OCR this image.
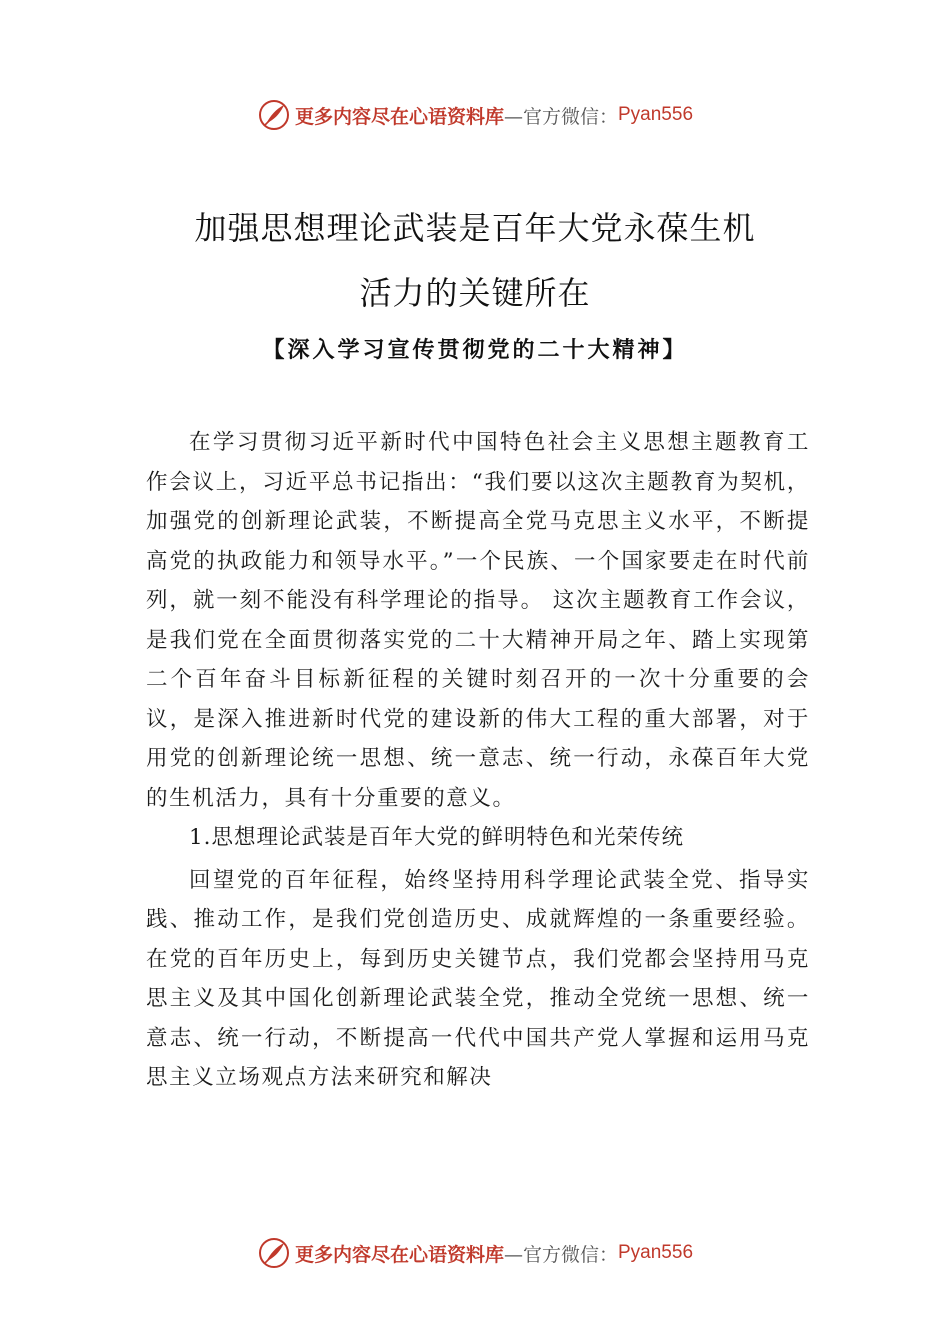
更多内容尽在心语资料库 —官方微信： Pyan556
加强思想理论武装是百年大党永葆生机
活力的关键所在
【深入学习宣传贯彻党的二十大精神】

在学习贯彻习近平新时代中国特色社会主义思想主题教育工作会议上，习近平总书记指出：“我们要以这次主题教育为契机，加强党的创新理论武装，不断提高全党马克思主义水平，不断提高党的执政能力和领导水平。”一个民族、一个国家要走在时代前列，就一刻不能没有科学理论的指导。 这次主题教育工作会议，是我们党在全面贯彻落实党的二十大精神开局之年、踏上实现第二个百年奋斗目标新征程的关键时刻召开的一次十分重要的会议，是深入推进新时代党的建设新的伟大工程的重大部署，对于用党的创新理论统一思想、统一意志、统一行动，永葆百年大党的生机活力，具有十分重要的意义。

1.思想理论武装是百年大党的鲜明特色和光荣传统

回望党的百年征程，始终坚持用科学理论武装全党、指导实践、推动工作，是我们党创造历史、成就辉煌的一条重要经验。在党的百年历史上，每到历史关键节点，我们党都会坚持用马克思主义及其中国化创新理论武装全党，推动全党统一思想、统一意志、统一行动，不断提高一代代中国共产党人掌握和运用马克思主义立场观点方法来研究和解决

更多内容尽在心语资料库 —官方微信： Pyan556
